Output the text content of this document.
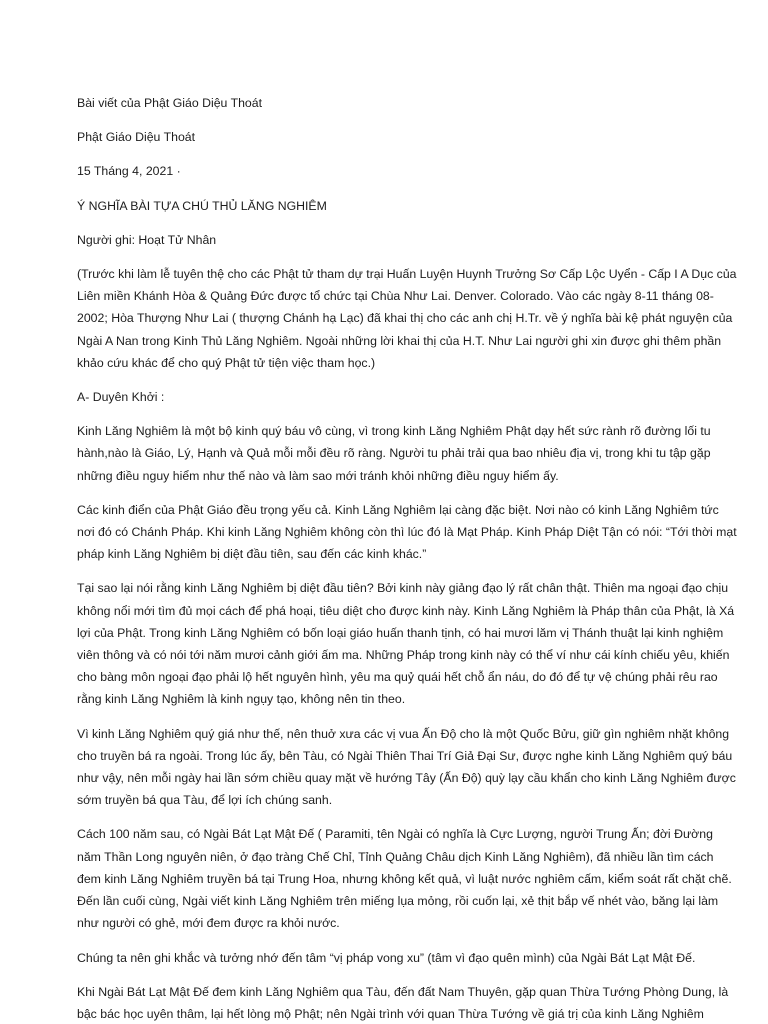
Bài viết của Phật Giáo Diệu Thoát

Phật Giáo Diệu Thoát

15 Tháng 4, 2021 ·

Ý NGHĨA BÀI TỰA CHÚ THỦ LĂNG NGHIÊM

Người ghi: Hoạt Tử Nhân

(Trước khi làm lễ tuyên thệ cho các Phật tử tham dự trại Huấn Luyện Huynh Trưởng Sơ Cấp Lộc Uyển - Cấp I A Dục của Liên miền Khánh Hòa & Quảng Đức được tổ chức tại Chùa Như Lai. Denver. Colorado. Vào các ngày 8-11 tháng 08- 2002; Hòa Thượng Như Lai ( thượng Chánh hạ Lạc) đã khai thị cho các anh chị H.Tr. về ý nghĩa bài kệ phát nguyện của Ngài A Nan trong Kinh Thủ Lăng Nghiêm. Ngoài những lời khai thị của H.T. Như Lai người ghi xin được ghi thêm phần khảo cứu khác để cho quý Phật tử tiện việc tham học.)

A- Duyên Khởi :

Kinh Lăng Nghiêm là một bộ kinh quý báu vô cùng, vì trong kinh Lăng Nghiêm Phật dạy hết sức rành rõ đường lối tu hành,nào là Giáo, Lý, Hạnh và Quả mỗi mỗi đều rõ ràng. Người tu phải trải qua bao nhiêu địa vị, trong khi tu tập gặp những điều nguy hiểm như thế nào và làm sao mới tránh khỏi những điều nguy hiểm ấy.

Các kinh điển của Phật Giáo đều trọng yếu cả. Kinh Lăng Nghiêm lại càng đặc biệt. Nơi nào có kinh Lăng Nghiêm tức nơi đó có Chánh Pháp. Khi kinh Lăng Nghiêm không còn thì lúc đó là Mạt Pháp. Kinh Pháp Diệt Tận có nói: “Tới thời mạt pháp kinh Lăng Nghiêm bị diệt đầu tiên, sau đến các kinh khác.”

Tại sao lại nói rằng kinh Lăng Nghiêm bị diệt đầu tiên? Bởi kinh này giảng đạo lý rất chân thật. Thiên ma ngoại đạo chịu không nổi mới tìm đủ mọi cách để phá hoại, tiêu diệt cho được kinh này. Kinh Lăng Nghiêm là Pháp thân của Phật, là Xá lợi của Phật. Trong kinh Lăng Nghiêm có bốn loại giáo huấn thanh tịnh, có hai mươi lăm vị Thánh thuật lại kinh nghiệm viên thông và có nói tới năm mươi cảnh giới ấm ma. Những Pháp trong kinh này có thể ví như cái kính chiếu yêu, khiến cho bàng môn ngoại đạo phải lộ hết nguyên hình, yêu ma quỷ quái hết chỗ ẩn náu, do đó để tự vệ chúng phải rêu rao rằng kinh Lăng Nghiêm là kinh ngụy tạo, không nên tin theo.

Vì kinh Lăng Nghiêm quý giá như thế, nên thuở xưa các vị vua Ấn Độ cho là một Quốc Bửu, giữ gìn nghiêm nhặt không cho truyền bá ra ngoài. Trong lúc ấy, bên Tàu, có Ngài Thiên Thai Trí Giả Đại Sư, được nghe kinh Lăng Nghiêm quý báu như vậy, nên mỗi ngày hai lần sớm chiều quay mặt về hướng Tây (Ấn Độ) quỳ lạy cầu khẩn cho kinh Lăng Nghiêm được sớm truyền bá qua Tàu, để lợi ích chúng sanh.

Cách 100 năm sau, có Ngài Bát Lạt Mật Đế ( Paramiti, tên Ngài có nghĩa là Cực Lượng, người Trung Ấn; đời Đường năm Thần Long nguyên niên, ở đạo tràng Chế Chỉ, Tỉnh Quảng Châu dịch Kinh Lăng Nghiêm), đã nhiều lần tìm cách đem kinh Lăng Nghiêm truyền bá tại Trung Hoa, nhưng không kết quả, vì luật nước nghiêm cấm, kiểm soát rất chặt chẽ. Đến lần cuối cùng, Ngài viết kinh Lăng Nghiêm trên miếng lụa mỏng, rồi cuốn lại, xẻ thịt bắp vế nhét vào, băng lại làm như người có ghẻ, mới đem được ra khỏi nước.

Chúng ta nên ghi khắc và tưởng nhớ đến tâm “vị pháp vong xu” (tâm vì đạo quên mình) của Ngài Bát Lạt Mật Đế.

Khi Ngài Bát Lạt Mật Đế đem kinh Lăng Nghiêm qua Tàu, đến đất Nam Thuyên, gặp quan Thừa Tướng Phòng Dung, là bậc bác học uyên thâm, lại hết lòng mộ Phật; nên Ngài trình với quan Thừa Tướng về giá trị của kinh Lăng Nghiêm
